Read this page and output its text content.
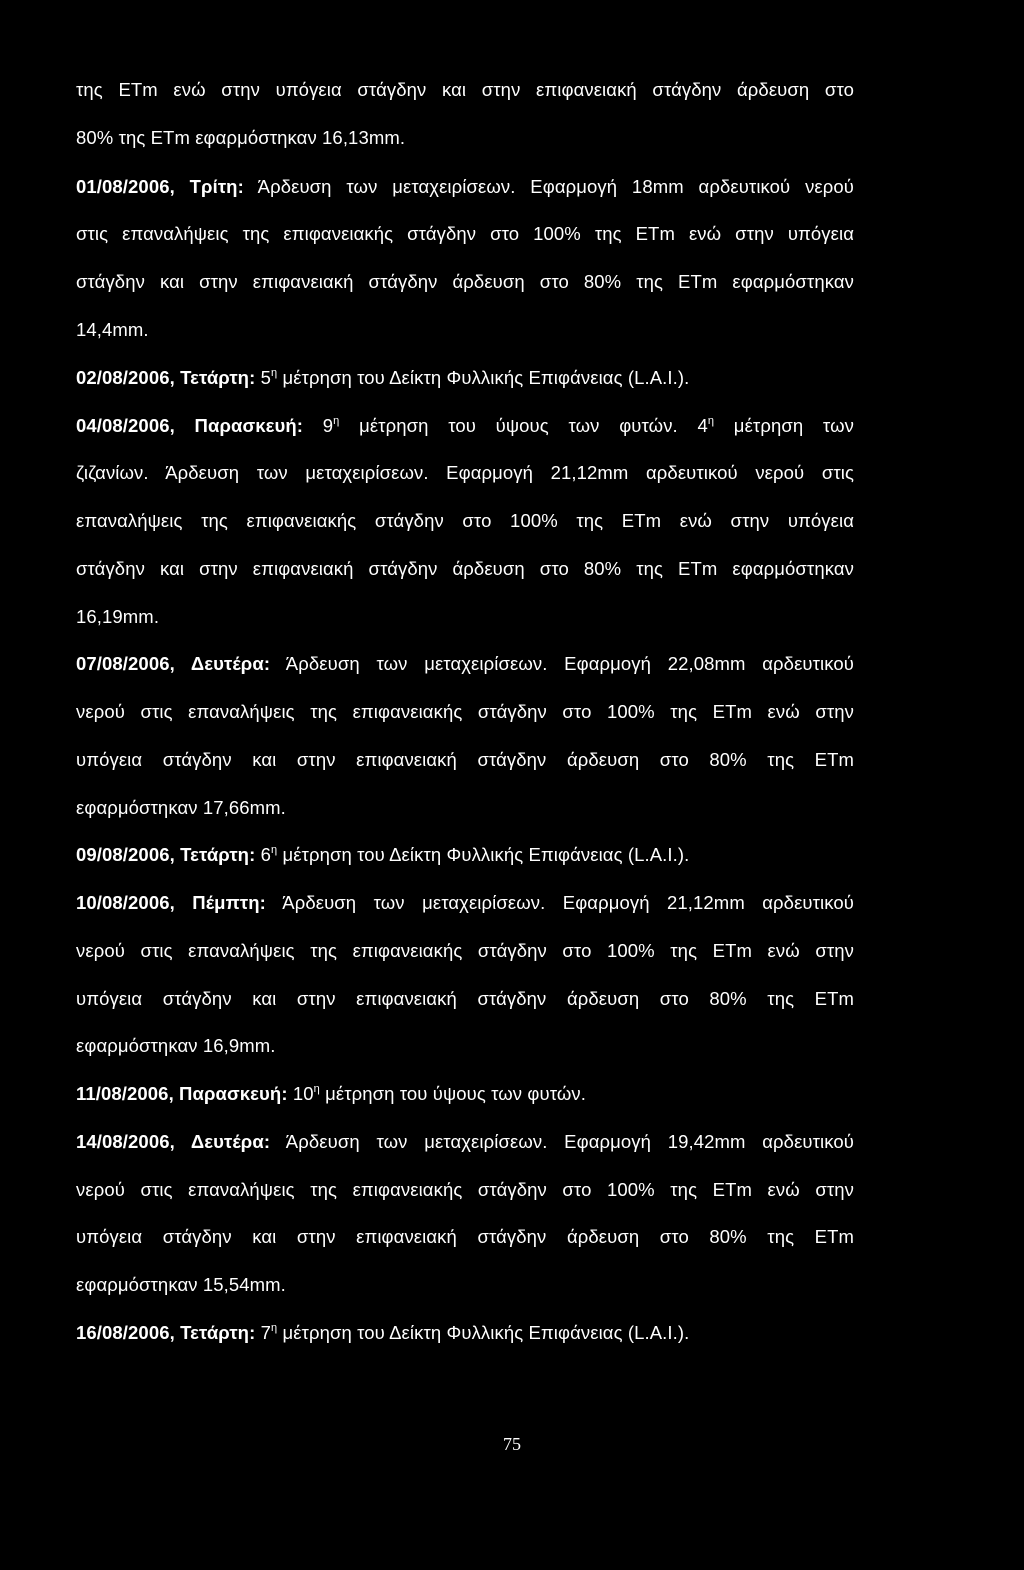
της ETm ενώ στην υπόγεια στάγδην και στην επιφανειακή στάγδην άρδευση στο
80% της ETm εφαρμόστηκαν 16,13mm.
01/08/2006, Τρίτη: Άρδευση των μεταχειρίσεων. Εφαρμογή 18mm αρδευτικού νερού
στις επαναλήψεις της επιφανειακής στάγδην στο 100% της ETm ενώ στην υπόγεια
στάγδην και στην επιφανειακή στάγδην άρδευση στο 80% της ETm εφαρμόστηκαν
14,4mm.
02/08/2006, Τετάρτη: $5^\eta$ μέτρηση του Δείκτη Φυλλικής Επιφάνειας (L.A.I.).
04/08/2006, Παρασκευή: $9^\eta$ μέτρηση του ύψους των φυτών. $4^\eta$ μέτρηση των
ζιζανίων. Άρδευση των μεταχειρίσεων. Εφαρμογή 21,12mm αρδευτικού νερού στις
επαναλήψεις της επιφανειακής στάγδην στο 100% της ETm ενώ στην υπόγεια
στάγδην και στην επιφανειακή στάγδην άρδευση στο 80% της ETm εφαρμόστηκαν
16,19mm.
07/08/2006, Δευτέρα: Άρδευση των μεταχειρίσεων. Εφαρμογή 22,08mm αρδευτικού
νερού στις επαναλήψεις της επιφανειακής στάγδην στο 100% της ETm ενώ στην
υπόγεια στάγδην και στην επιφανειακή στάγδην άρδευση στο 80% της ETm
εφαρμόστηκαν 17,66mm.
09/08/2006, Τετάρτη: $6^\eta$ μέτρηση του Δείκτη Φυλλικής Επιφάνειας (L.A.I.).
10/08/2006, Πέμπτη: Άρδευση των μεταχειρίσεων. Εφαρμογή 21,12mm αρδευτικού
νερού στις επαναλήψεις της επιφανειακής στάγδην στο 100% της ETm ενώ στην
υπόγεια στάγδην και στην επιφανειακή στάγδην άρδευση στο 80% της ETm
εφαρμόστηκαν 16,9mm.
11/08/2006, Παρασκευή: $10^\eta$ μέτρηση του ύψους των φυτών.
14/08/2006, Δευτέρα: Άρδευση των μεταχειρίσεων. Εφαρμογή 19,42mm αρδευτικού
νερού στις επαναλήψεις της επιφανειακής στάγδην στο 100% της ETm ενώ στην
υπόγεια στάγδην και στην επιφανειακή στάγδην άρδευση στο 80% της ETm
εφαρμόστηκαν 15,54mm.
16/08/2006, Τετάρτη: $7^\eta$ μέτρηση του Δείκτη Φυλλικής Επιφάνειας (L.A.I.).
75
